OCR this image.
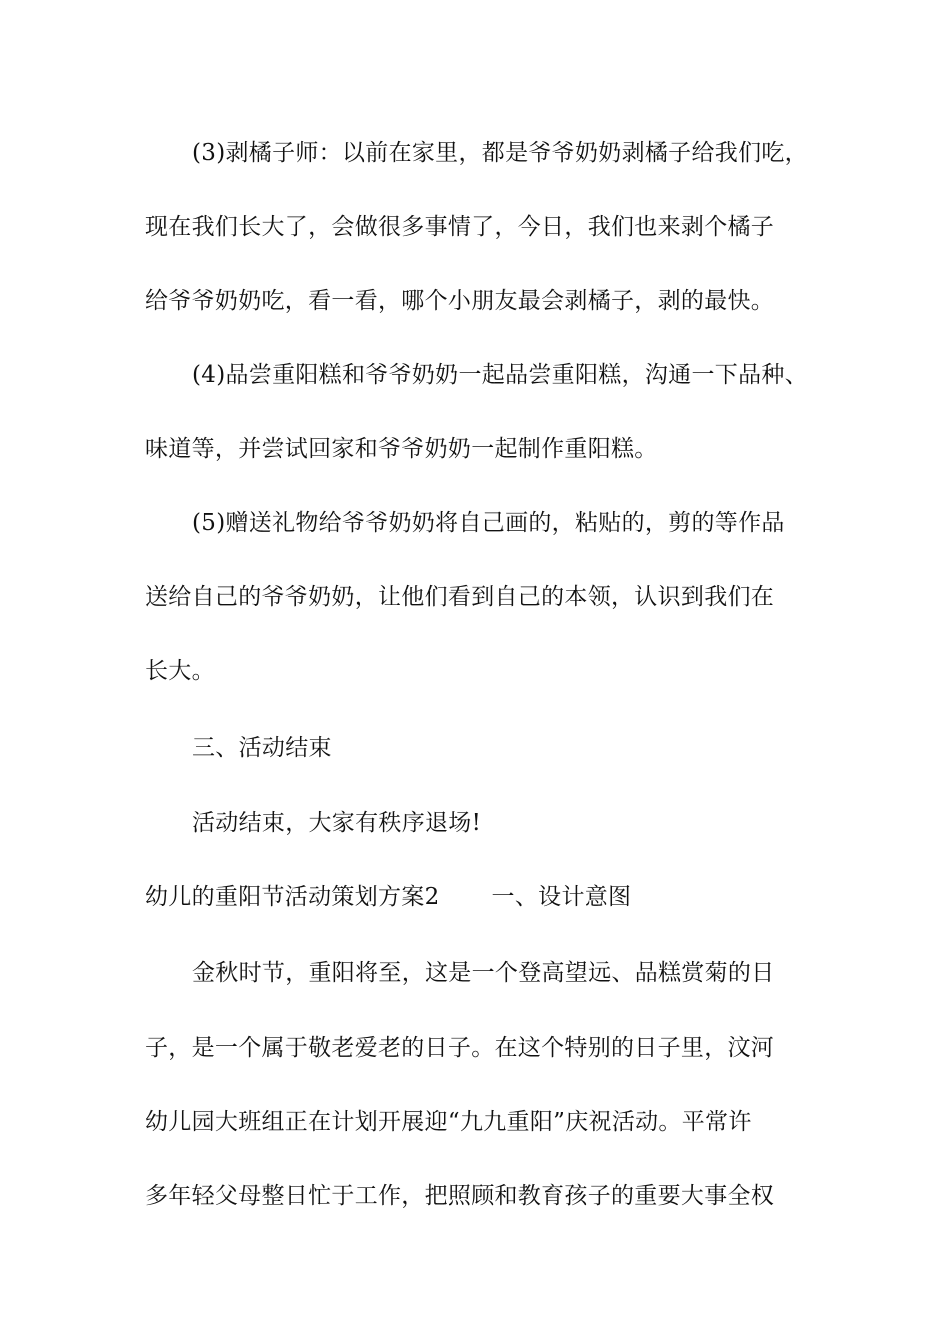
(3)剥橘子师：以前在家里，都是爷爷奶奶剥橘子给我们吃，
现在我们长大了，会做很多事情了，今日，我们也来剥个橘子
给爷爷奶奶吃，看一看，哪个小朋友最会剥橘子，剥的最快。
(4)品尝重阳糕和爷爷奶奶一起品尝重阳糕，沟通一下品种、
味道等，并尝试回家和爷爷奶奶一起制作重阳糕。
(5)赠送礼物给爷爷奶奶将自己画的，粘贴的，剪的等作品
送给自己的爷爷奶奶，让他们看到自己的本领，认识到我们在
长大。
三、活动结束
活动结束，大家有秩序退场!
幼儿的重阳节活动策划方案2 一、设计意图
金秋时节，重阳将至，这是一个登高望远、品糕赏菊的日
子，是一个属于敬老爱老的日子。在这个特别的日子里，汶河
幼儿园大班组正在计划开展迎“九九重阳”庆祝活动。平常许
多年轻父母整日忙于工作，把照顾和教育孩子的重要大事全权
